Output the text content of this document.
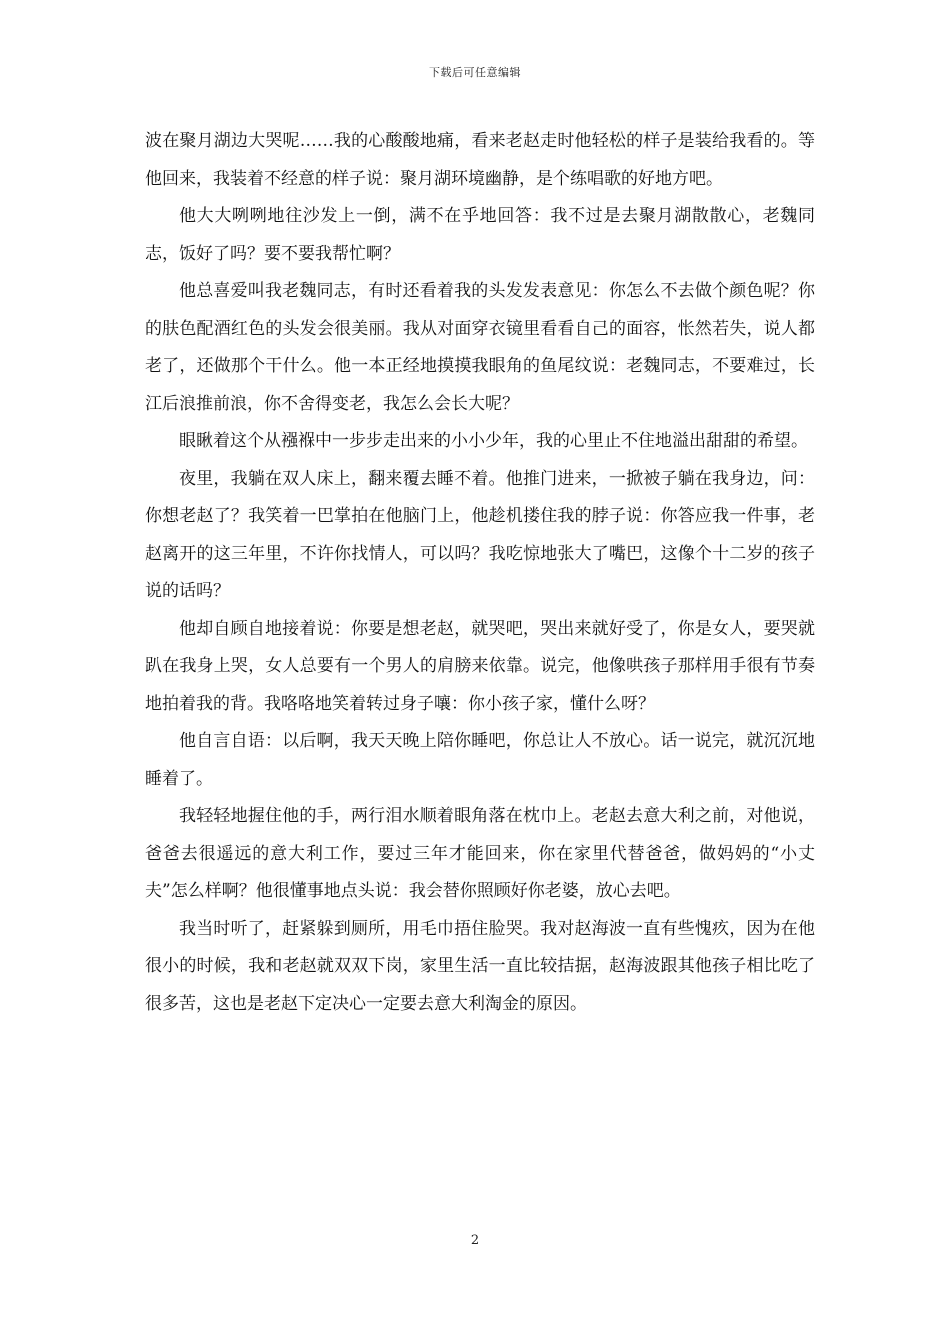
下载后可任意编辑

波在聚月湖边大哭呢……我的心酸酸地痛，看来老赵走时他轻松的样子是装给我看的。等他回来，我装着不经意的样子说：聚月湖环境幽静，是个练唱歌的好地方吧。

他大大咧咧地往沙发上一倒，满不在乎地回答：我不过是去聚月湖散散心，老魏同志，饭好了吗？要不要我帮忙啊？

他总喜爱叫我老魏同志，有时还看着我的头发发表意见：你怎么不去做个颜色呢？你的肤色配酒红色的头发会很美丽。我从对面穿衣镜里看看自己的面容，怅然若失，说人都老了，还做那个干什么。他一本正经地摸摸我眼角的鱼尾纹说：老魏同志，不要难过，长江后浪推前浪，你不舍得变老，我怎么会长大呢？

眼瞅着这个从襁褓中一步步走出来的小小少年，我的心里止不住地溢出甜甜的希望。

夜里，我躺在双人床上，翻来覆去睡不着。他推门进来，一掀被子躺在我身边，问：你想老赵了？我笑着一巴掌拍在他脑门上，他趁机搂住我的脖子说：你答应我一件事，老赵离开的这三年里，不许你找情人，可以吗？我吃惊地张大了嘴巴，这像个十二岁的孩子说的话吗？

他却自顾自地接着说：你要是想老赵，就哭吧，哭出来就好受了，你是女人，要哭就趴在我身上哭，女人总要有一个男人的肩膀来依靠。说完，他像哄孩子那样用手很有节奏地拍着我的背。我咯咯地笑着转过身子嚷：你小孩子家，懂什么呀？

他自言自语：以后啊，我天天晚上陪你睡吧，你总让人不放心。话一说完，就沉沉地睡着了。

我轻轻地握住他的手，两行泪水顺着眼角落在枕巾上。老赵去意大利之前，对他说，爸爸去很遥远的意大利工作，要过三年才能回来，你在家里代替爸爸，做妈妈的“小丈夫”怎么样啊？他很懂事地点头说：我会替你照顾好你老婆，放心去吧。

我当时听了，赶紧躲到厕所，用毛巾捂住脸哭。我对赵海波一直有些愧疚，因为在他很小的时候，我和老赵就双双下岗，家里生活一直比较拮据，赵海波跟其他孩子相比吃了很多苦，这也是老赵下定决心一定要去意大利淘金的原因。

2
